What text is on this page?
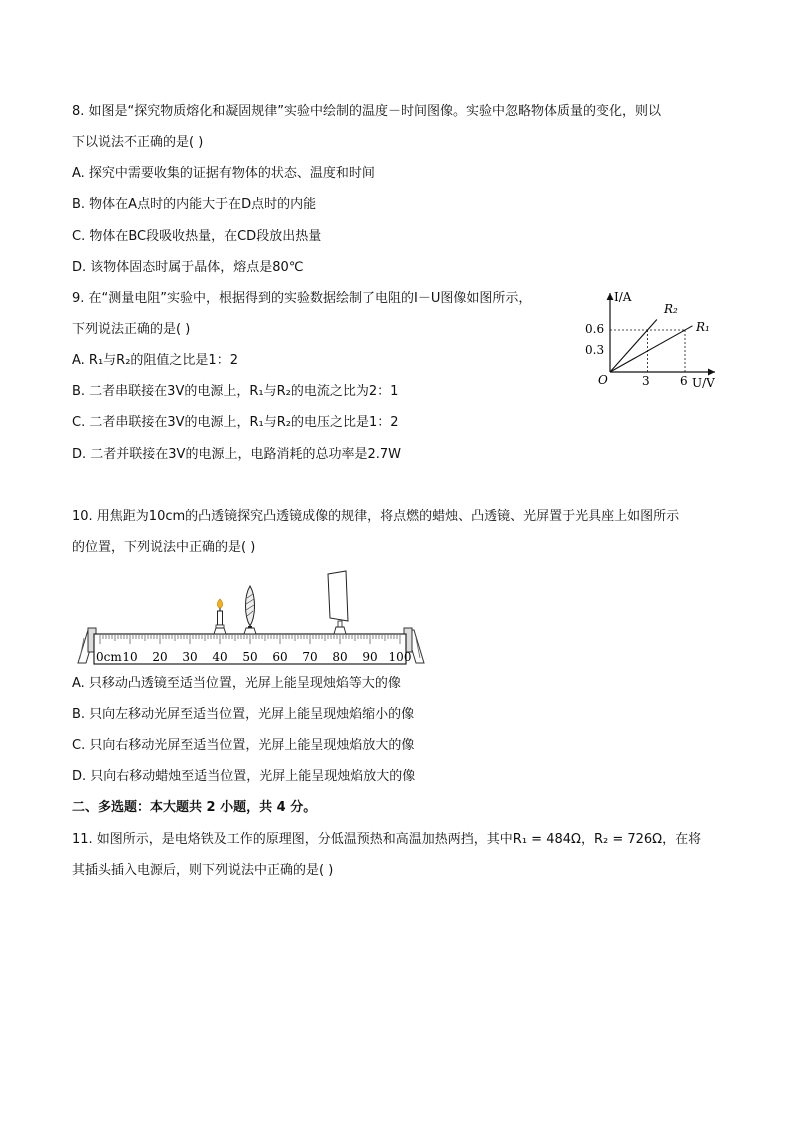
8. 如图是“探究物质熔化和凝固规律”实验中绘制的温度－时间图像。实验中忽略物体质量的变化，则以
下以说法不正确的是( )
A. 探究中需要收集的证据有物体的状态、温度和时间
B. 物体在A点时的内能大于在D点时的内能
C. 物体在BC段吸收热量，在CD段放出热量
D. 该物体固态时属于晶体，熔点是80℃
9. 在“测量电阻”实验中，根据得到的实验数据绘制了电阻的I－U图像如图所示，
下列说法正确的是( )
A. R₁与R₂的阻值之比是1：2
B. 二者串联接在3V的电源上，R₁与R₂的电流之比为2：1
C. 二者串联接在3V的电源上，R₁与R₂的电压之比是1：2
D. 二者并联接在3V的电源上，电路消耗的总功率是2.7W
I/A
U/V
O
0.6
0.3
3	6
R₂
R₁
10. 用焦距为10cm的凸透镜探究凸透镜成像的规律，将点燃的蜡烛、凸透镜、光屏置于光具座上如图所示
的位置，下列说法中正确的是( )
0cm 10 20 30 40 50 60 70 80 90 100
A. 只移动凸透镜至适当位置，光屏上能呈现烛焰等大的像
B. 只向左移动光屏至适当位置，光屏上能呈现烛焰缩小的像
C. 只向右移动光屏至适当位置，光屏上能呈现烛焰放大的像
D. 只向右移动蜡烛至适当位置，光屏上能呈现烛焰放大的像
二、多选题：本大题共 2 小题，共 4 分。
11. 如图所示，是电烙铁及工作的原理图，分低温预热和高温加热两挡，其中R₁ = 484Ω，R₂ = 726Ω，在将
其插头插入电源后，则下列说法中正确的是( )
